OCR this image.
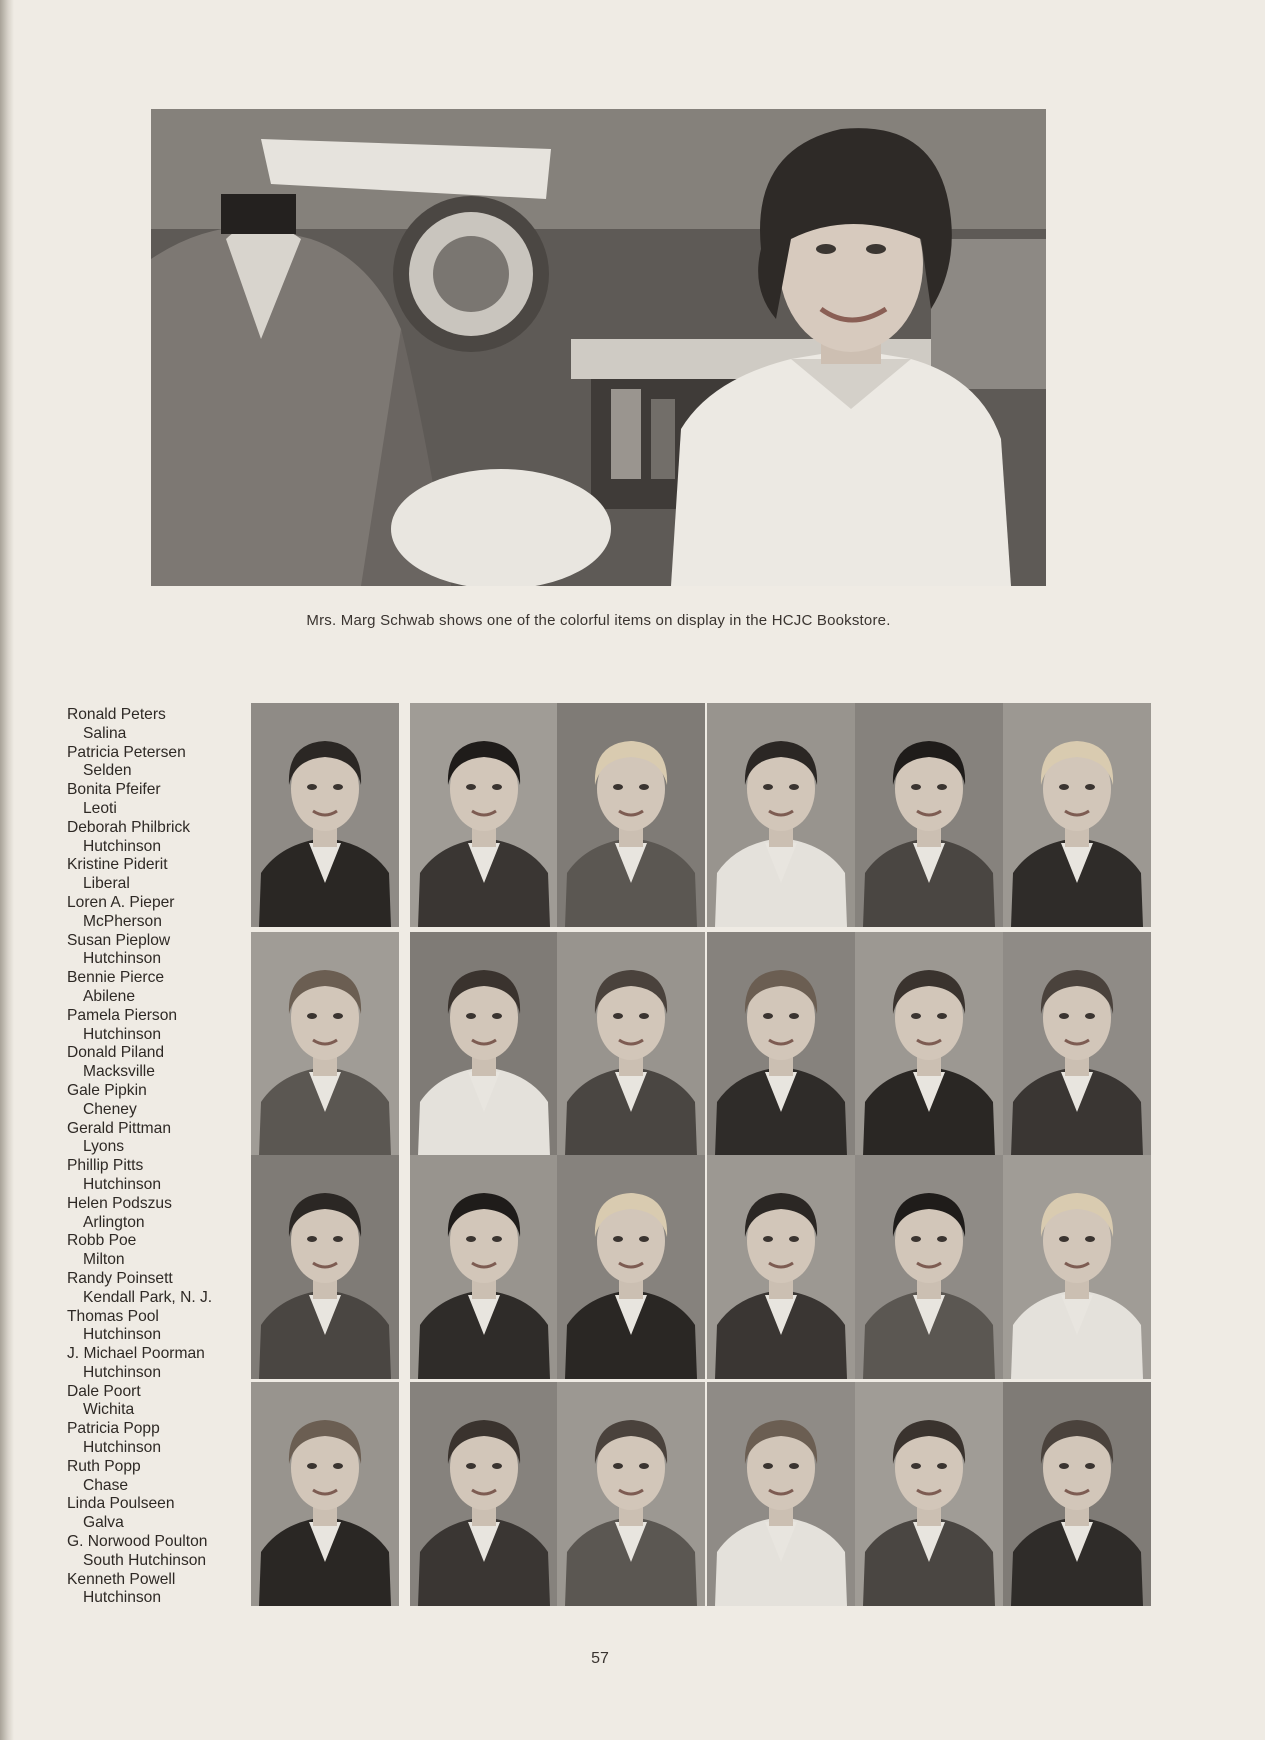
Mrs. Marg Schwab shows one of the colorful items on display in the HCJC Bookstore.
Ronald Peters
Salina
Patricia Petersen
Selden
Bonita Pfeifer
Leoti
Deborah Philbrick
Hutchinson
Kristine Piderit
Liberal
Loren A. Pieper
McPherson
Susan Pieplow
Hutchinson
Bennie Pierce
Abilene
Pamela Pierson
Hutchinson
Donald Piland
Macksville
Gale Pipkin
Cheney
Gerald Pittman
Lyons
Phillip Pitts
Hutchinson
Helen Podszus
Arlington
Robb Poe
Milton
Randy Poinsett
Kendall Park, N. J.
Thomas Pool
Hutchinson
J. Michael Poorman
Hutchinson
Dale Poort
Wichita
Patricia Popp
Hutchinson
Ruth Popp
Chase
Linda Poulseen
Galva
G. Norwood Poulton
South Hutchinson
Kenneth Powell
Hutchinson
57
